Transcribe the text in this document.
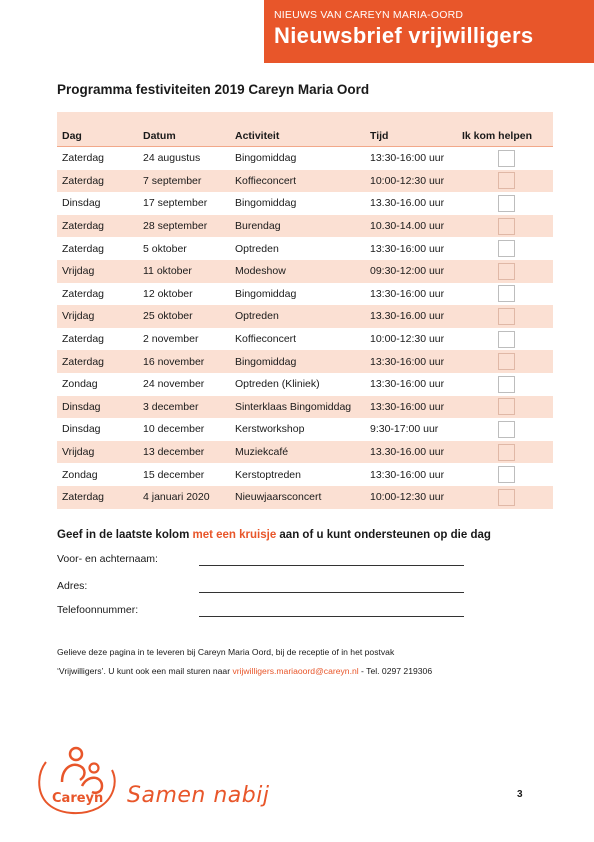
NIEUWS VAN CAREYN MARIA-OORD
Nieuwsbrief vrijwilligers
Programma festiviteiten 2019 Careyn Maria Oord
Dag	Datum	Activiteit	Tijd	Ik kom helpen
Zaterdag	24 augustus	Bingomiddag	13:30-16:00 uur
Zaterdag	7 september	Koffieconcert	10:00-12:30 uur
Dinsdag	17 september	Bingomiddag	13.30-16.00 uur
Zaterdag	28 september	Burendag	10.30-14.00 uur
Zaterdag	5 oktober	Optreden	13:30-16:00 uur
Vrijdag	11 oktober	Modeshow	09:30-12:00 uur
Zaterdag	12 oktober	Bingomiddag	13:30-16:00 uur
Vrijdag	25 oktober	Optreden	13.30-16.00 uur
Zaterdag	2 november	Koffieconcert	10:00-12:30 uur
Zaterdag	16 november	Bingomiddag	13:30-16:00 uur
Zondag	24 november	Optreden (Kliniek)	13:30-16:00 uur
Dinsdag	3 december	Sinterklaas Bingomiddag	13:30-16:00 uur
Dinsdag	10 december	Kerstworkshop	9:30-17:00 uur
Vrijdag	13 december	Muziekcafé	13.30-16.00 uur
Zondag	15 december	Kerstoptreden	13:30-16:00 uur
Zaterdag	4 januari 2020	Nieuwjaarsconcert	10:00-12:30 uur
Geef in de laatste kolom met een kruisje aan of u kunt ondersteunen op die dag
Voor- en achternaam:
Adres:
Telefoonnummer:
Gelieve deze pagina in te leveren bij Careyn Maria Oord, bij de receptie of in het postvak
‘Vrijwilligers’. U kunt ook een mail sturen naar vrijwilligers.mariaoord@careyn.nl - Tel. 0297 219306
Careyn Samen nabij	3
